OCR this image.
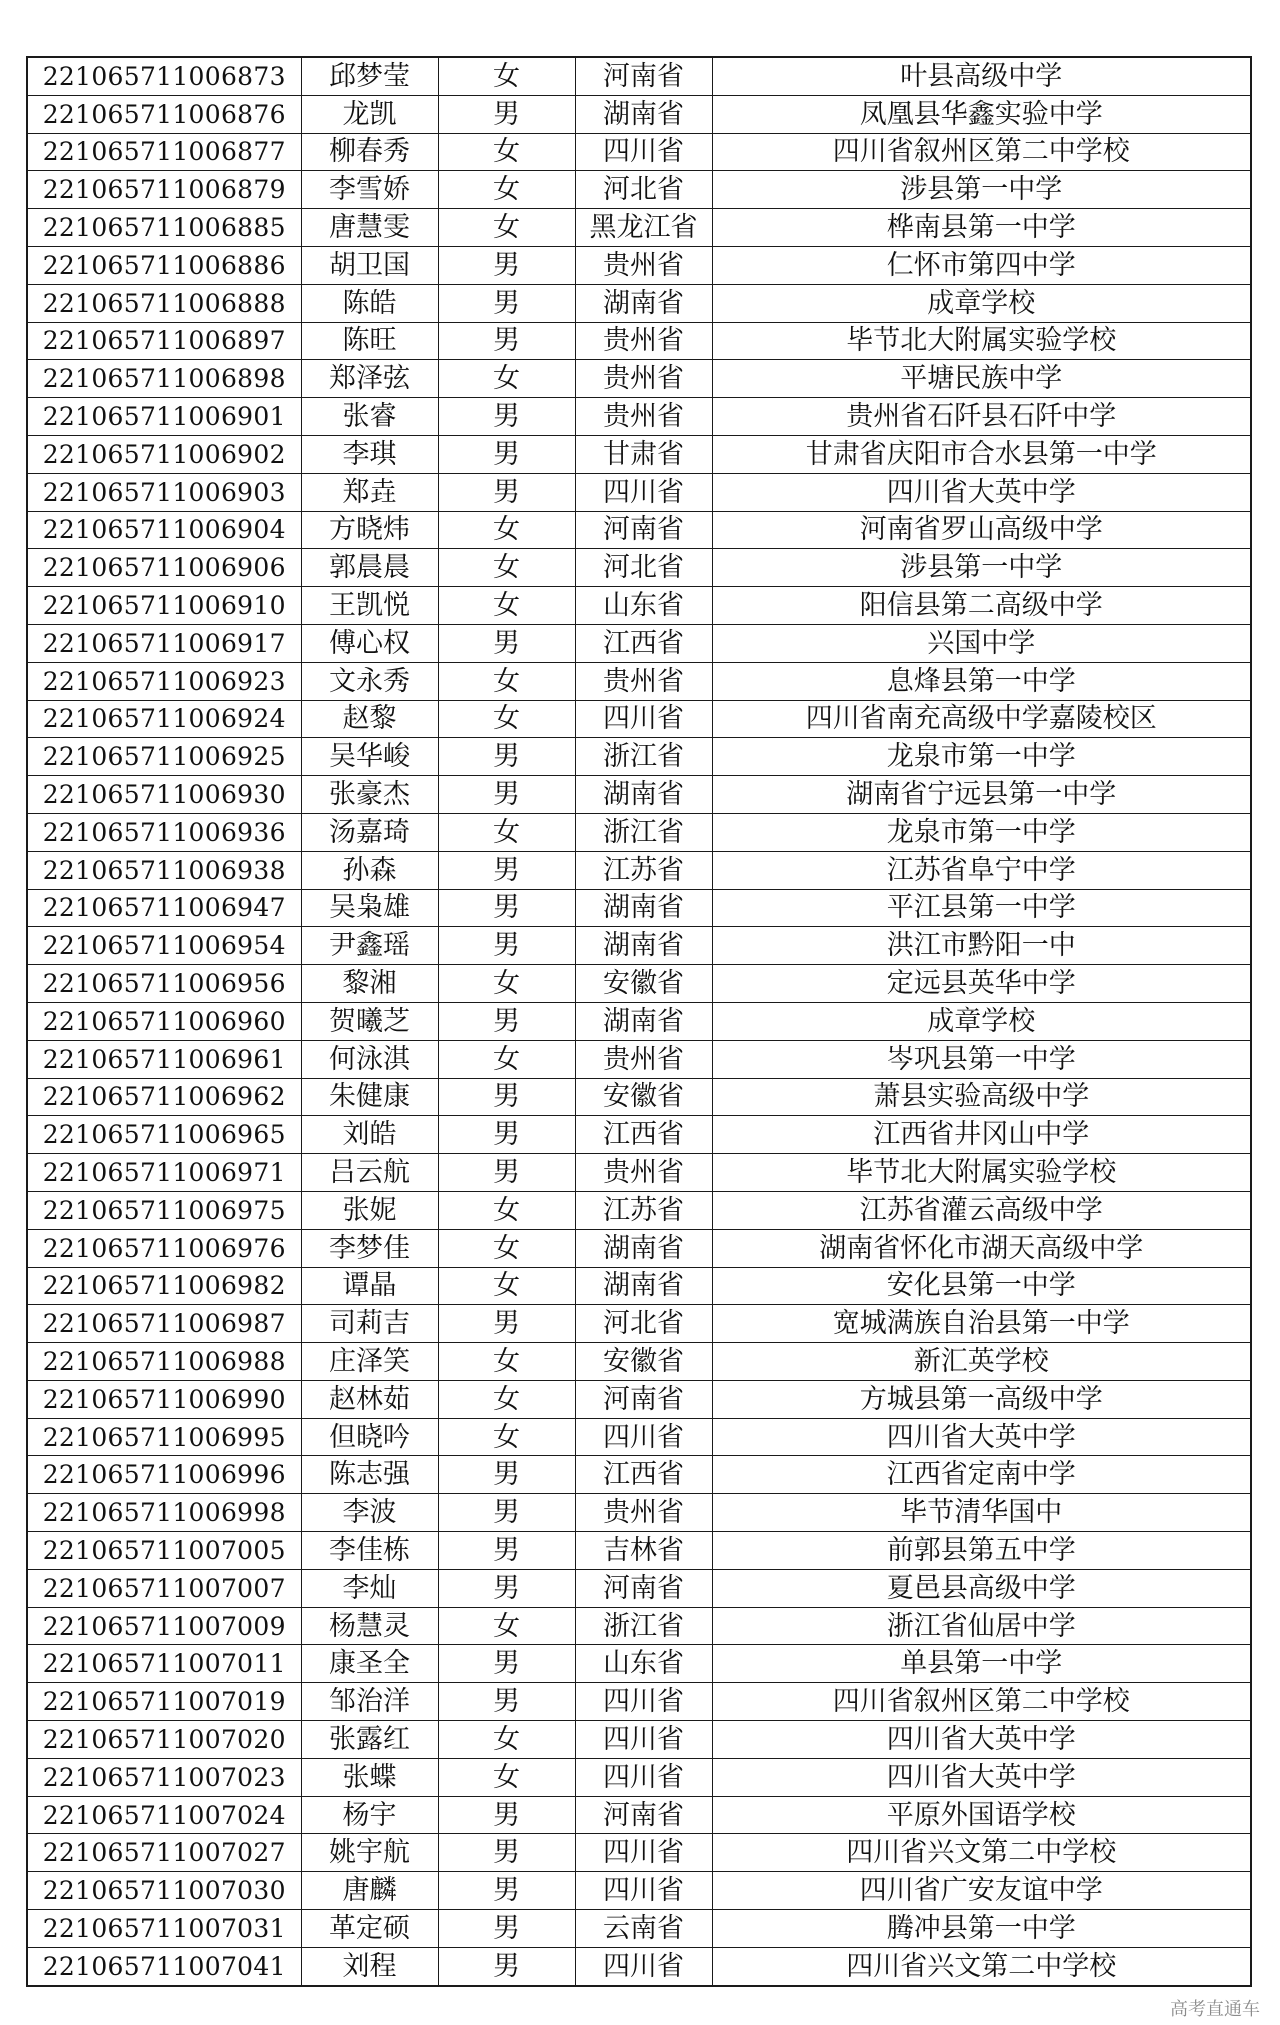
221065711006873	邱梦莹	女	河南省	叶县高级中学
221065711006876	龙凯	男	湖南省	凤凰县华鑫实验中学
221065711006877	柳春秀	女	四川省	四川省叙州区第二中学校
221065711006879	李雪娇	女	河北省	涉县第一中学
221065711006885	唐慧雯	女	黑龙江省	桦南县第一中学
221065711006886	胡卫国	男	贵州省	仁怀市第四中学
221065711006888	陈皓	男	湖南省	成章学校
221065711006897	陈旺	男	贵州省	毕节北大附属实验学校
221065711006898	郑泽弦	女	贵州省	平塘民族中学
221065711006901	张睿	男	贵州省	贵州省石阡县石阡中学
221065711006902	李琪	男	甘肃省	甘肃省庆阳市合水县第一中学
221065711006903	郑垚	男	四川省	四川省大英中学
221065711006904	方晓炜	女	河南省	河南省罗山高级中学
221065711006906	郭晨晨	女	河北省	涉县第一中学
221065711006910	王凯悦	女	山东省	阳信县第二高级中学
221065711006917	傅心权	男	江西省	兴国中学
221065711006923	文永秀	女	贵州省	息烽县第一中学
221065711006924	赵黎	女	四川省	四川省南充高级中学嘉陵校区
221065711006925	吴华峻	男	浙江省	龙泉市第一中学
221065711006930	张豪杰	男	湖南省	湖南省宁远县第一中学
221065711006936	汤嘉琦	女	浙江省	龙泉市第一中学
221065711006938	孙森	男	江苏省	江苏省阜宁中学
221065711006947	吴枭雄	男	湖南省	平江县第一中学
221065711006954	尹鑫瑶	男	湖南省	洪江市黔阳一中
221065711006956	黎湘	女	安徽省	定远县英华中学
221065711006960	贺曦芝	男	湖南省	成章学校
221065711006961	何泳淇	女	贵州省	岑巩县第一中学
221065711006962	朱健康	男	安徽省	萧县实验高级中学
221065711006965	刘皓	男	江西省	江西省井冈山中学
221065711006971	吕云航	男	贵州省	毕节北大附属实验学校
221065711006975	张妮	女	江苏省	江苏省灌云高级中学
221065711006976	李梦佳	女	湖南省	湖南省怀化市湖天高级中学
221065711006982	谭晶	女	湖南省	安化县第一中学
221065711006987	司莉吉	男	河北省	宽城满族自治县第一中学
221065711006988	庄泽笑	女	安徽省	新汇英学校
221065711006990	赵林茹	女	河南省	方城县第一高级中学
221065711006995	但晓吟	女	四川省	四川省大英中学
221065711006996	陈志强	男	江西省	江西省定南中学
221065711006998	李波	男	贵州省	毕节清华国中
221065711007005	李佳栋	男	吉林省	前郭县第五中学
221065711007007	李灿	男	河南省	夏邑县高级中学
221065711007009	杨慧灵	女	浙江省	浙江省仙居中学
221065711007011	康圣全	男	山东省	单县第一中学
221065711007019	邹治洋	男	四川省	四川省叙州区第二中学校
221065711007020	张露红	女	四川省	四川省大英中学
221065711007023	张蝶	女	四川省	四川省大英中学
221065711007024	杨宇	男	河南省	平原外国语学校
221065711007027	姚宇航	男	四川省	四川省兴文第二中学校
221065711007030	唐麟	男	四川省	四川省广安友谊中学
221065711007031	革定硕	男	云南省	腾冲县第一中学
221065711007041	刘程	男	四川省	四川省兴文第二中学校
高考直通车
